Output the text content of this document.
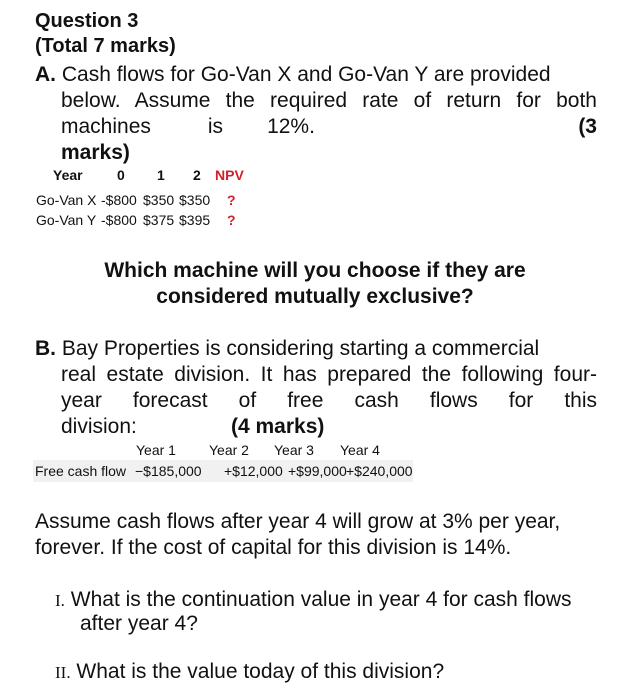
Question 3
(Total 7 marks)
A. Cash flows for Go-Van X and Go-Van Y are provided
below. Assume the required rate of return for both
machines	is 12%.	(3
marks)
Year 0 1 2 NPV
Go-Van X -$800 $350 $350 ?
Go-Van Y -$800 $375 $395 ?
Which machine will you choose if they are
considered mutually exclusive?
B. Bay Properties is considering starting a commercial
real estate division. It has prepared the following four-
year forecast of free cash flows for this
division:	(4 marks)
Year 1 Year 2 Year 3 Year 4
Free cash flow −$185,000 +$12,000 +$99,000 +$240,000
Assume cash flows after year 4 will grow at 3% per year,
forever. If the cost of capital for this division is 14%.
I. What is the continuation value in year 4 for cash flows
after year 4?
II. What is the value today of this division?
